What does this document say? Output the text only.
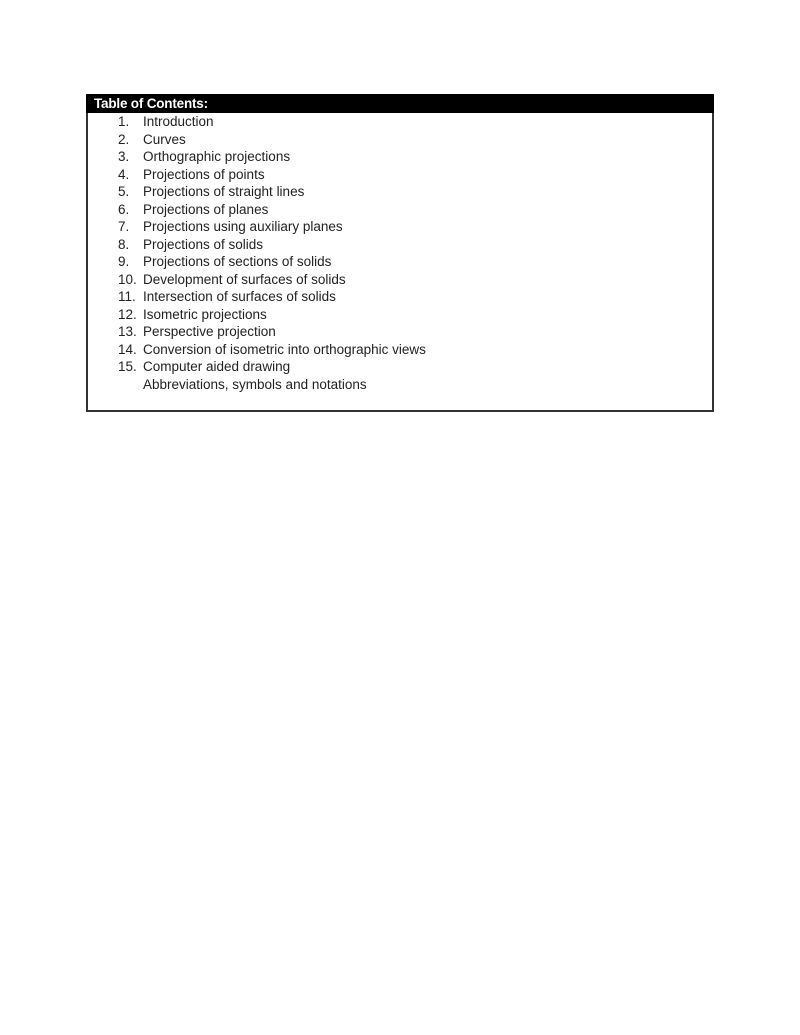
Table of Contents:
1.	Introduction
2.	Curves
3.	Orthographic projections
4.	Projections of points
5.	Projections of straight lines
6.	Projections of planes
7.	Projections using auxiliary planes
8.	Projections of solids
9.	Projections of sections of solids
10. Development of surfaces of solids
11. Intersection of surfaces of solids
12. Isometric projections
13. Perspective projection
14. Conversion of isometric into orthographic views
15. Computer aided drawing
Abbreviations, symbols and notations
